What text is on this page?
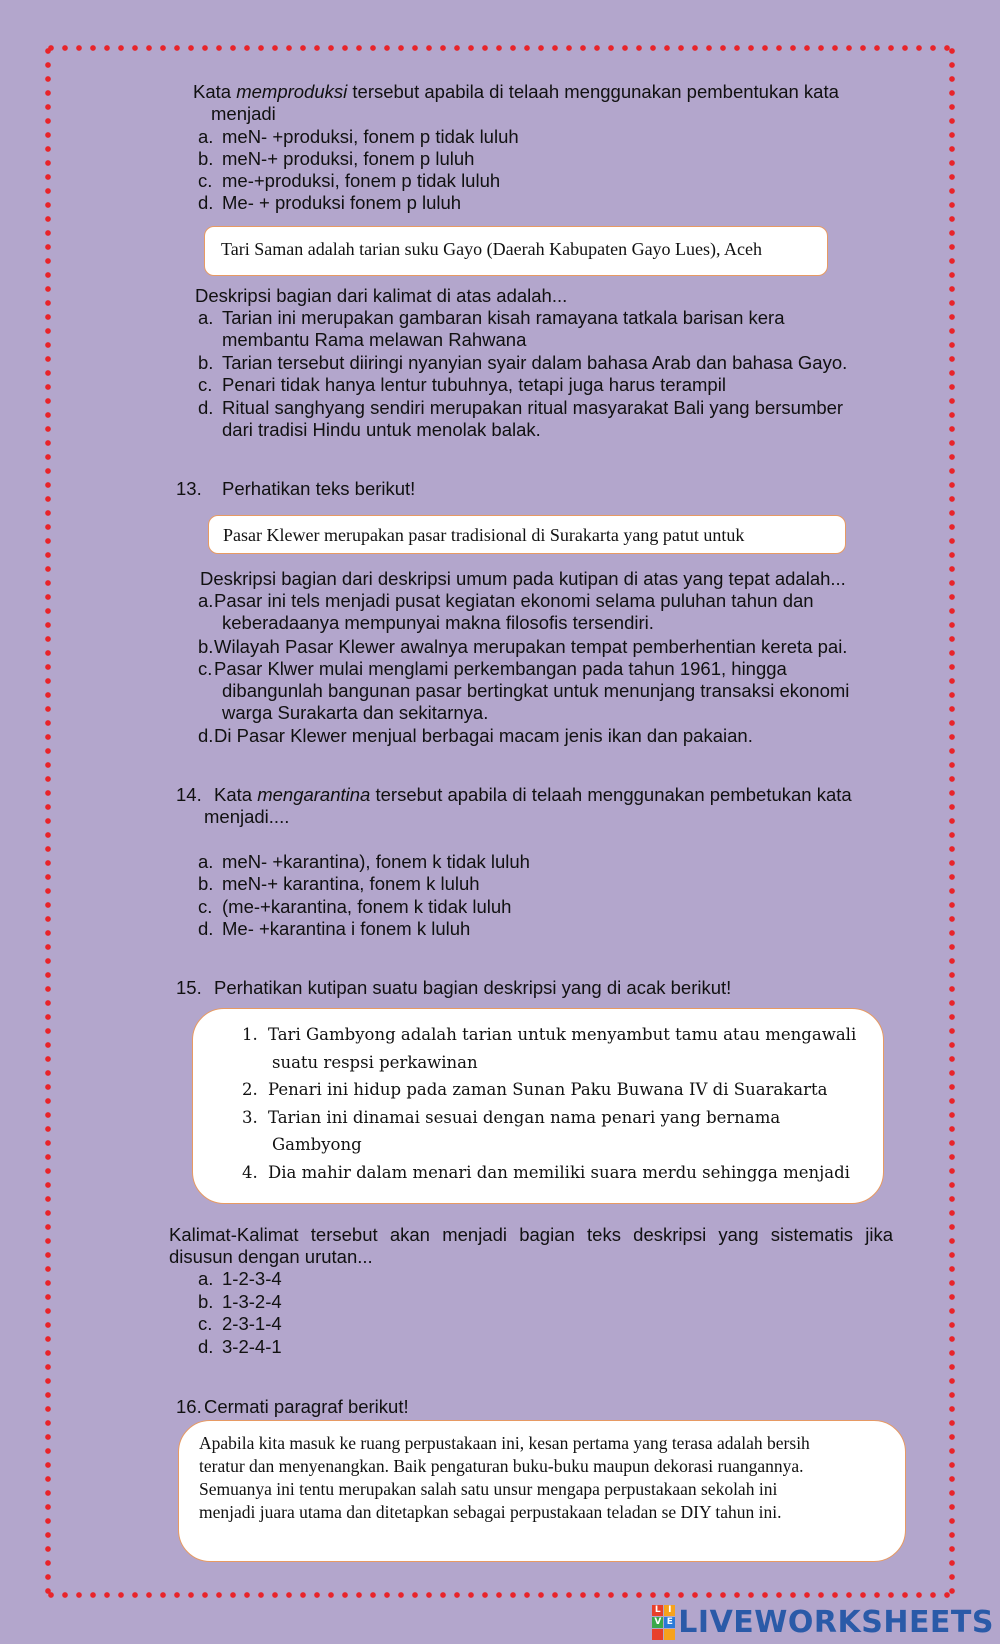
Kata memproduksi tersebut apabila di telaah menggunakan pembentukan kata
menjadi
a. meN- +produksi, fonem p tidak luluh
b. meN-+ produksi, fonem p luluh
c. me-+produksi, fonem p tidak luluh
d. Me- + produksi fonem p luluh
Tari Saman adalah tarian suku Gayo (Daerah Kabupaten Gayo Lues), Aceh
Deskripsi bagian dari kalimat di atas adalah...
a. Tarian ini merupakan gambaran kisah ramayana tatkala barisan kera
membantu Rama melawan Rahwana
b. Tarian tersebut diiringi nyanyian syair dalam bahasa Arab dan bahasa Gayo.
c. Penari tidak hanya lentur tubuhnya, tetapi juga harus terampil
d. Ritual sanghyang sendiri merupakan ritual masyarakat Bali yang bersumber
dari tradisi Hindu untuk menolak balak.
13. Perhatikan teks berikut!
Pasar Klewer merupakan pasar tradisional di Surakarta yang patut untuk
Deskripsi bagian dari deskripsi umum pada kutipan di atas yang tepat adalah...
a.Pasar ini tels menjadi pusat kegiatan ekonomi selama puluhan tahun dan
keberadaanya mempunyai makna filosofis tersendiri.
b.Wilayah Pasar Klewer awalnya merupakan tempat pemberhentian kereta pai.
c.Pasar Klwer mulai menglami perkembangan pada tahun 1961, hingga
dibangunlah bangunan pasar bertingkat untuk menunjang transaksi ekonomi
warga Surakarta dan sekitarnya.
d.Di Pasar Klewer menjual berbagai macam jenis ikan dan pakaian.
14. Kata mengarantina tersebut apabila di telaah menggunakan pembetukan kata
menjadi....
a. meN- +karantina), fonem k tidak luluh
b. meN-+ karantina, fonem k luluh
c. (me-+karantina, fonem k tidak luluh
d. Me- +karantina i fonem k luluh
15. Perhatikan kutipan suatu bagian deskripsi yang di acak berikut!
1. Tari Gambyong adalah tarian untuk menyambut tamu atau mengawali
suatu respsi perkawinan
2. Penari ini hidup pada zaman Sunan Paku Buwana IV di Suarakarta
3. Tarian ini dinamai sesuai dengan nama penari yang bernama
Gambyong
4. Dia mahir dalam menari dan memiliki suara merdu sehingga menjadi
Kalimat-Kalimat tersebut akan menjadi bagian teks deskripsi yang sistematis jika
disusun dengan urutan...
a. 1-2-3-4
b. 1-3-2-4
c. 2-3-1-4
d. 3-2-4-1
16. Cermati paragraf berikut!
Apabila kita masuk ke ruang perpustakaan ini, kesan pertama yang terasa adalah bersih
teratur dan menyenangkan. Baik pengaturan buku-buku maupun dekorasi ruangannya.
Semuanya ini tentu merupakan salah satu unsur mengapa perpustakaan sekolah ini
menjadi juara utama dan ditetapkan sebagai perpustakaan teladan se DIY tahun ini.
L I
V E LIVEWORKSHEETS
